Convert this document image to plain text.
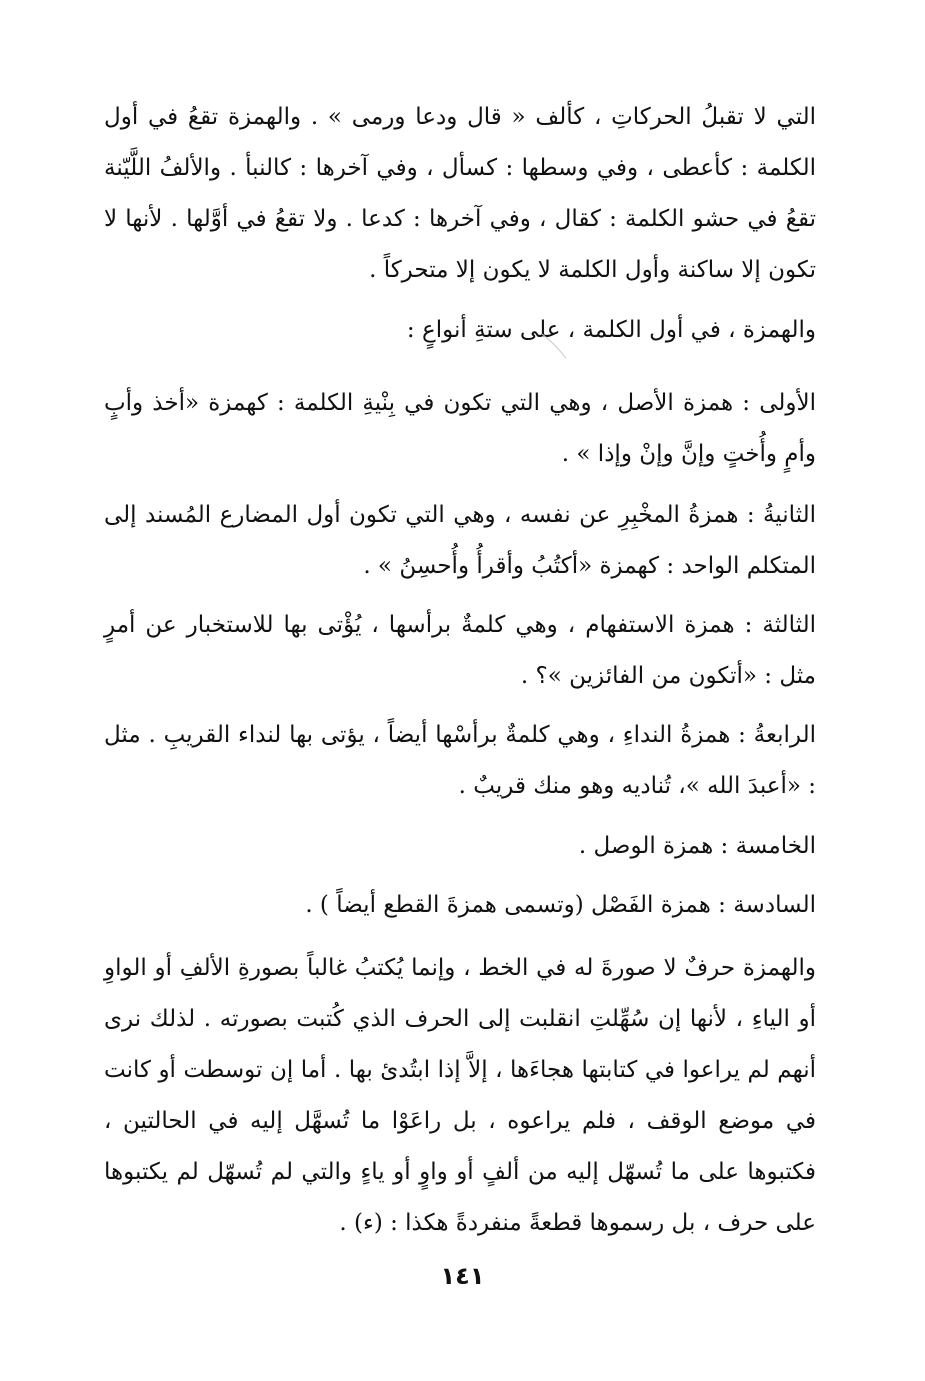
التي لا تقبلُ الحركاتِ ، كألف « قال ودعا ورمى » . والهمزة تقعُ في أول الكلمة : كأعطى ، وفي وسطها : كسأل ، وفي آخرها : كالنبأ . والألفُ اللَّيّنة تقعُ في حشو الكلمة : كقال ، وفي آخرها : كدعا . ولا تقعُ في أوَّلها . لأنها لا تكون إلا ساكنة وأول الكلمة لا يكون إلا متحركاً .

والهمزة ، في أول الكلمة ، على ستةِ أنواعٍ :

الأولى : همزة الأصل ، وهي التي تكون في بِنْيةِ الكلمة : كهمزة «أخذ وأبٍ وأمٍ وأُختٍ وإنَّ وإنْ وإذا » .

الثانيةُ : همزةُ المخْبِرِ عن نفسه ، وهي التي تكون أول المضارع المُسند إلى المتكلم الواحد : كهمزة «أكتُبُ وأقرأُ وأُحسِنُ » .

الثالثة : همزة الاستفهام ، وهي كلمةٌ برأسها ، يُؤْتى بها للاستخبار عن أمرٍ مثل : «أتكون من الفائزين »؟ .

الرابعةُ : همزةُ النداءِ ، وهي كلمةٌ برأسْها أيضاً ، يؤتى بها لنداء القريبِ . مثل : «أعبدَ الله »، تُناديه وهو منك قريبٌ .

الخامسة : همزة الوصل .

السادسة : همزة الفَصْل (وتسمى همزةَ القطع أيضاً ) .

والهمزة حرفٌ لا صورةَ له في الخط ، وإنما يُكتبُ غالباً بصورةِ الألفِ أو الواوِ أو الياءِ ، لأنها إن سُهِّلتِ انقلبت إلى الحرف الذي كُتبت بصورته . لذلك نرى أنهم لم يراعوا في كتابتها هجاءَها ، إلاَّ إذا ابتُدئ بها . أما إن توسطت أو كانت في موضع الوقف ، فلم يراعوه ، بل راعَوْا ما تُسهَّل إليه في الحالتين ، فكتبوها على ما تُسهّل إليه من ألفٍ أو واوٍ أو ياءٍ والتي لم تُسهّل لم يكتبوها على حرف ، بل رسموها قطعةً منفردةً هكذا : (ء) .

١٤١
